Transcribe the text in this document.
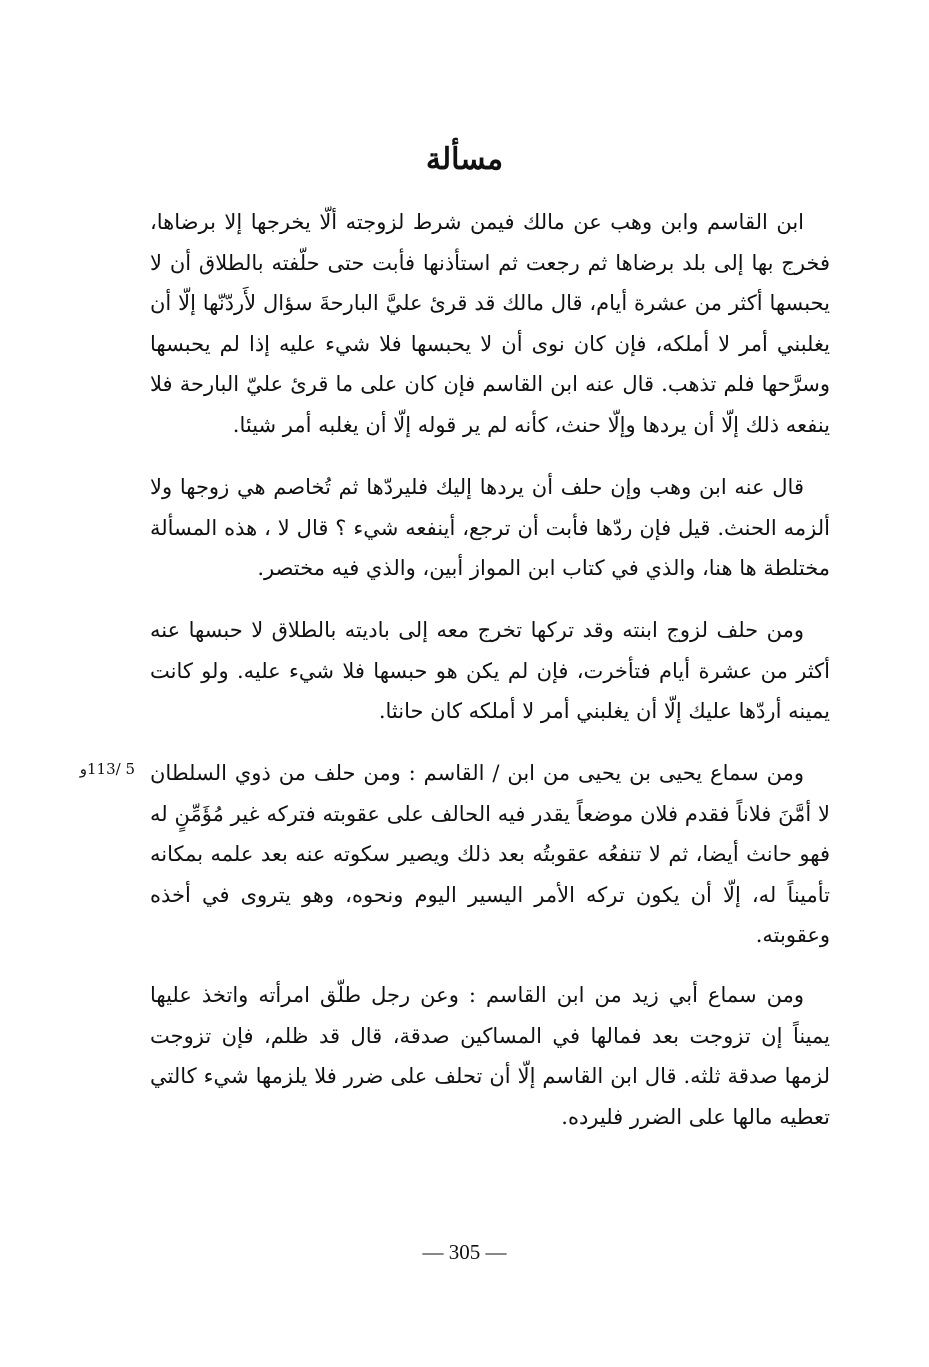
مسألة

ابن القاسم وابن وهب عن مالك فيمن شرط لزوجته ألّا يخرجها إلا برضاها، فخرج بها إلى بلد برضاها ثم رجعت ثم استأذنها فأبت حتى حلّفته بالطلاق أن لا يحبسها أكثر من عشرة أيام، قال مالك قد قرئ عليَّ البارحةَ سؤال لأَردّنّها إلّا أن يغلبني أمر لا أملكه، فإن كان نوى أن لا يحبسها فلا شيء عليه إذا لم يحبسها وسرَّحها فلم تذهب. قال عنه ابن القاسم فإن كان على ما قرئ عليّ البارحة فلا ينفعه ذلك إلّا أن يردها وإلّا حنث، كأنه لم ير قوله إلّا أن يغلبه أمر شيئا.

قال عنه ابن وهب وإن حلف أن يردها إليك فليردّها ثم تُخاصم هي زوجها ولا ألزمه الحنث. قيل فإن ردّها فأبت أن ترجع، أينفعه شيء ؟ قال لا ، هذه المسألة مختلطة ها هنا، والذي في كتاب ابن المواز أبين، والذي فيه مختصر.

ومن حلف لزوج ابنته وقد تركها تخرج معه إلى باديته بالطلاق لا حبسها عنه أكثر من عشرة أيام فتأخرت، فإن لم يكن هو حبسها فلا شيء عليه. ولو كانت يمينه أردّها عليك إلّا أن يغلبني أمر لا أملكه كان حانثا.

5 /113و ومن سماع يحيى بن يحيى من ابن / القاسم : ومن حلف من ذوي السلطان لا أمَّنَ فلاناً فقدم فلان موضعاً يقدر فيه الحالف على عقوبته فتركه غير مُؤَمِّنٍ له فهو حانث أيضا، ثم لا تنفعُه عقوبتُه بعد ذلك ويصير سكوته عنه بعد علمه بمكانه تأميناً له، إلّا أن يكون تركه الأمر اليسير اليوم ونحوه، وهو يتروى في أخذه وعقوبته.

ومن سماع أبي زيد من ابن القاسم : وعن رجل طلّق امرأته واتخذ عليها يميناً إن تزوجت بعد فمالها في المساكين صدقة، قال قد ظلم، فإن تزوجت لزمها صدقة ثلثه. قال ابن القاسم إلّا أن تحلف على ضرر فلا يلزمها شيء كالتي تعطيه مالها على الضرر فليرده.

— 305 —
